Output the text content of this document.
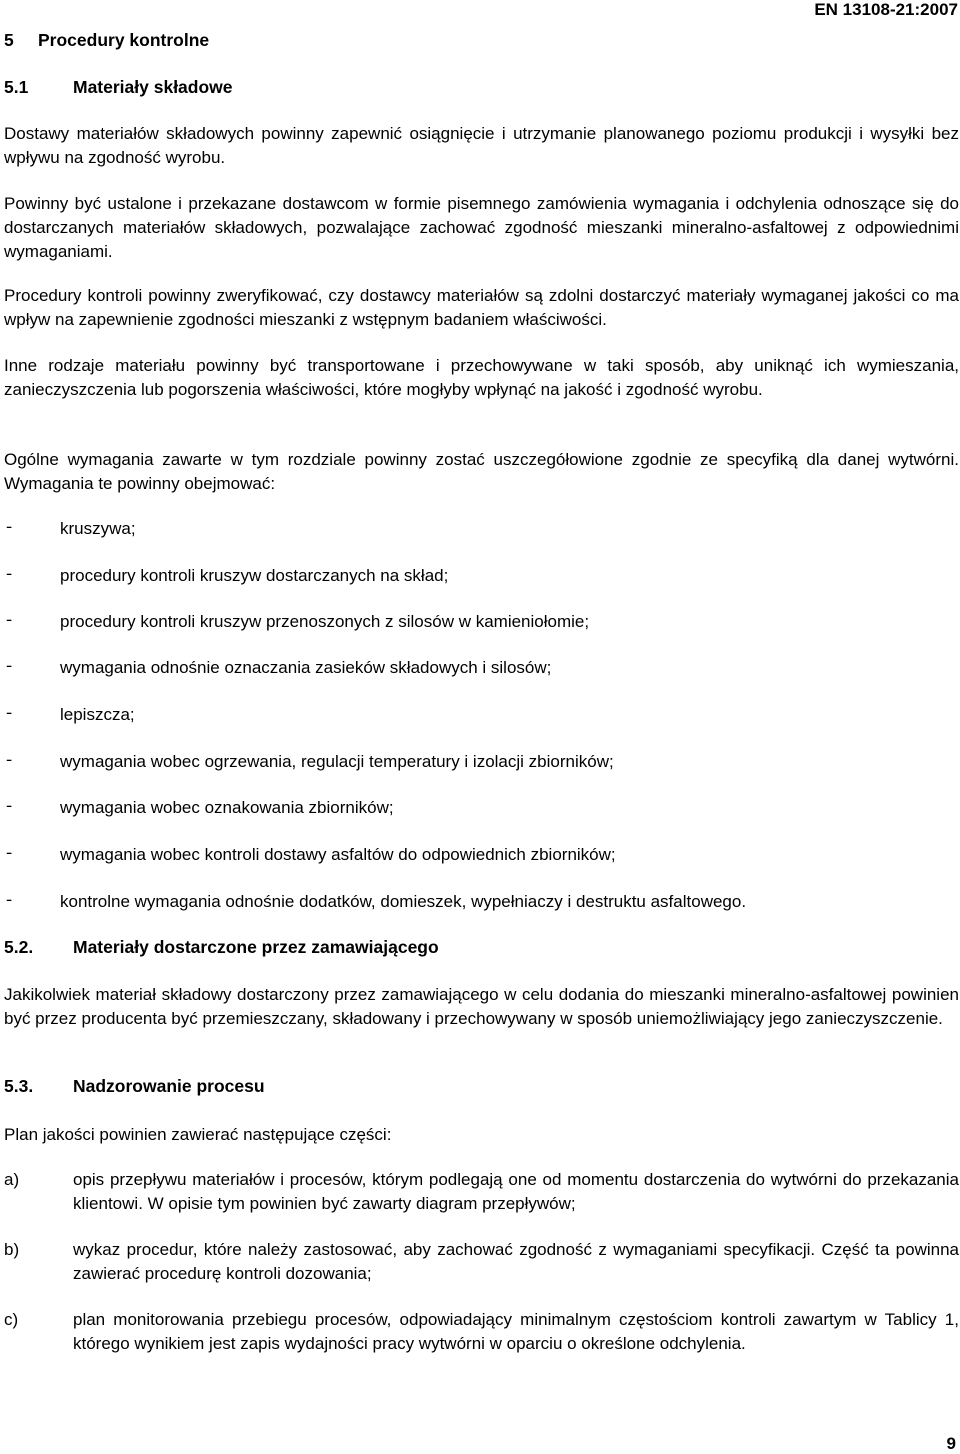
EN 13108-21:2007
5 Procedury kontrolne
5.1	Materiały składowe

Dostawy materiałów składowych powinny zapewnić osiągnięcie i utrzymanie planowanego poziomu produkcji i wysyłki bez wpływu na zgodność wyrobu.

Powinny być ustalone i przekazane dostawcom w formie pisemnego zamówienia wymagania i odchylenia odnoszące się do dostarczanych materiałów składowych, pozwalające zachować zgodność mieszanki mineralno-asfaltowej z odpowiednimi wymaganiami.

Procedury kontroli powinny zweryfikować, czy dostawcy materiałów są zdolni dostarczyć materiały wymaganej jakości co ma wpływ na zapewnienie zgodności mieszanki z wstępnym badaniem właściwości.

Inne rodzaje materiału powinny być transportowane i przechowywane w taki sposób, aby uniknąć ich wymieszania, zanieczyszczenia lub pogorszenia właściwości, które mogłyby wpłynąć na jakość i zgodność wyrobu.

Ogólne wymagania zawarte w tym rozdziale powinny zostać uszczegółowione zgodnie ze specyfiką dla danej wytwórni. Wymagania te powinny obejmować:

-	kruszywa;
-	procedury kontroli kruszyw dostarczanych na skład;
-	procedury kontroli kruszyw przenoszonych z silosów w kamieniołomie;
-	wymagania odnośnie oznaczania zasieków składowych i silosów;
-	lepiszcza;
-	wymagania wobec ogrzewania, regulacji temperatury i izolacji zbiorników;
-	wymagania wobec oznakowania zbiorników;
-	wymagania wobec kontroli dostawy asfaltów do odpowiednich zbiorników;
-	kontrolne wymagania odnośnie dodatków, domieszek, wypełniaczy i destruktu asfaltowego.
5.2. Materiały dostarczone przez zamawiającego

Jakikolwiek materiał składowy dostarczony przez zamawiającego w celu dodania do mieszanki mineralno-asfaltowej powinien być przez producenta być przemieszczany, składowany i przechowywany w sposób uniemożliwiający jego zanieczyszczenie.

5.3. Nadzorowanie procesu

Plan jakości powinien zawierać następujące części:

a)	opis przepływu materiałów i procesów, którym podlegają one od momentu dostarczenia do wytwórni do przekazania klientowi. W opisie tym powinien być zawarty diagram przepływów;
b)	wykaz procedur, które należy zastosować, aby zachować zgodność z wymaganiami specyfikacji. Część ta powinna zawierać procedurę kontroli dozowania;
c)	plan monitorowania przebiegu procesów, odpowiadający minimalnym częstościom kontroli zawartym w Tablicy 1, którego wynikiem jest zapis wydajności pracy wytwórni w oparciu o określone odchylenia.
9
